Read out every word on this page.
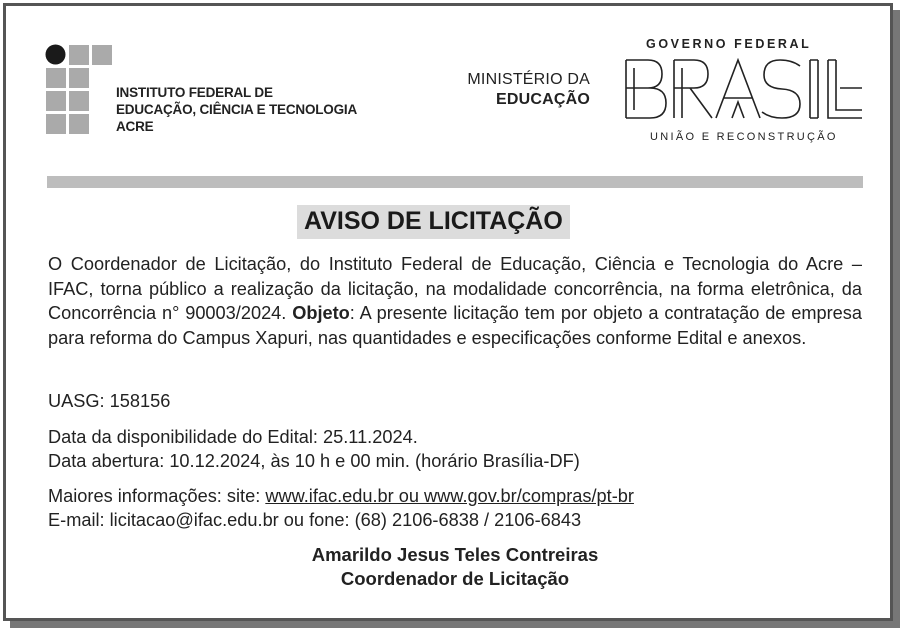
INSTITUTO FEDERAL DE
EDUCAÇÃO, CIÊNCIA E TECNOLOGIA
ACRE
MINISTÉRIO DA
EDUCAÇÃO
GOVERNO FEDERAL
UNIÃO E RECONSTRUÇÃO
AVISO DE LICITAÇÃO
O Coordenador de Licitação, do Instituto Federal de Educação, Ciência e Tecnologia do Acre – IFAC, torna público a realização da licitação, na modalidade concorrência, na forma eletrônica, da Concorrência n° 90003/2024. Objeto: A presente licitação tem por objeto a contratação de empresa para reforma do Campus Xapuri, nas quantidades e especificações conforme Edital e anexos.
UASG: 158156
Data da disponibilidade do Edital: 25.11.2024.
Data abertura: 10.12.2024, às 10 h e 00 min. (horário Brasília-DF)
Maiores informações: site: www.ifac.edu.br ou www.gov.br/compras/pt-br
E-mail: licitacao@ifac.edu.br ou fone: (68) 2106-6838 / 2106-6843
Amarildo Jesus Teles Contreiras
Coordenador de Licitação
